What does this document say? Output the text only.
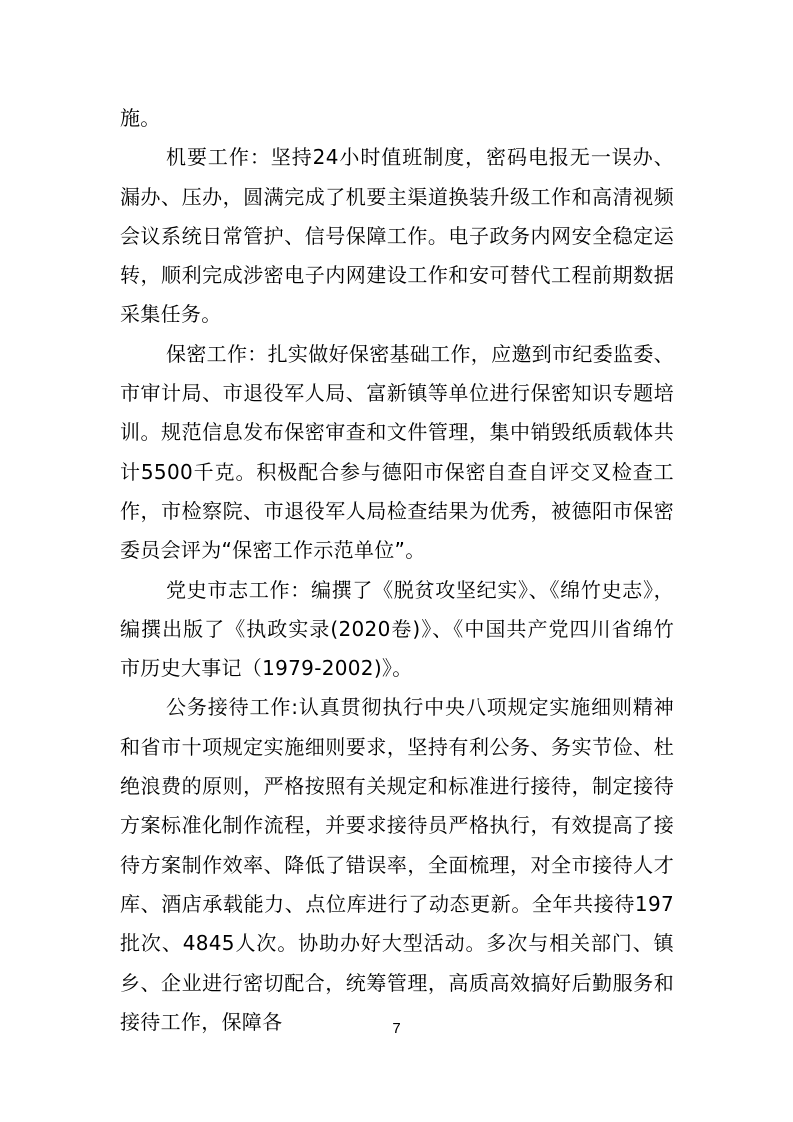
施。

机要工作：坚持24小时值班制度，密码电报无一误办、漏办、压办，圆满完成了机要主渠道换装升级工作和高清视频会议系统日常管护、信号保障工作。电子政务内网安全稳定运转，顺利完成涉密电子内网建设工作和安可替代工程前期数据采集任务。

保密工作：扎实做好保密基础工作，应邀到市纪委监委、市审计局、市退役军人局、富新镇等单位进行保密知识专题培训。规范信息发布保密审查和文件管理，集中销毁纸质载体共计5500千克。积极配合参与德阳市保密自查自评交叉检查工作，市检察院、市退役军人局检查结果为优秀，被德阳市保密委员会评为“保密工作示范单位”。

党史市志工作：编撰了《脱贫攻坚纪实》、《绵竹史志》，编撰出版了《执政实录(2020卷)》、《中国共产党四川省绵竹市历史大事记（1979-2002)》。

公务接待工作:认真贯彻执行中央八项规定实施细则精神和省市十项规定实施细则要求，坚持有利公务、务实节俭、杜绝浪费的原则，严格按照有关规定和标准进行接待，制定接待方案标准化制作流程，并要求接待员严格执行，有效提高了接待方案制作效率、降低了错误率，全面梳理，对全市接待人才库、酒店承载能力、点位库进行了动态更新。全年共接待197批次、4845人次。协助办好大型活动。多次与相关部门、镇乡、企业进行密切配合，统筹管理，高质高效搞好后勤服务和接待工作，保障各	7
